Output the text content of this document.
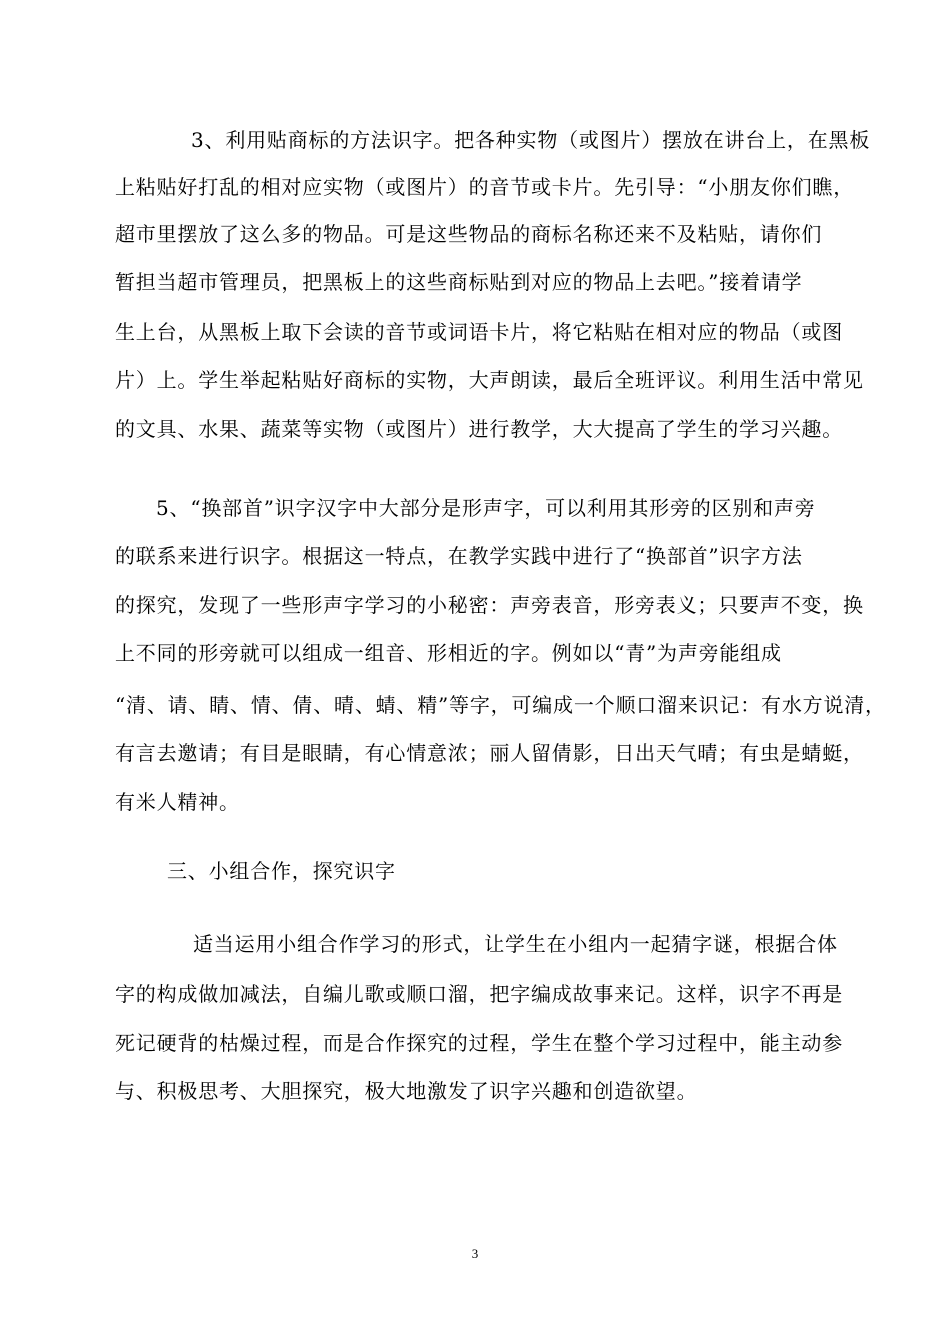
3、利用贴商标的方法识字。把各种实物（或图片）摆放在讲台上，在黑板
上粘贴好打乱的相对应实物（或图片）的音节或卡片。先引导：“小朋友你们瞧，
超市里摆放了这么多的物品。可是这些物品的商标名称还来不及粘贴，请你们
暂担当超市管理员，把黑板上的这些商标贴到对应的物品上去吧。”接着请学
生上台，从黑板上取下会读的音节或词语卡片，将它粘贴在相对应的物品（或图
片）上。学生举起粘贴好商标的实物，大声朗读，最后全班评议。利用生活中常见
的文具、水果、蔬菜等实物（或图片）进行教学，大大提高了学生的学习兴趣。
5、“换部首”识字汉字中大部分是形声字，可以利用其形旁的区别和声旁
的联系来进行识字。根据这一特点，在教学实践中进行了“换部首”识字方法
的探究，发现了一些形声字学习的小秘密：声旁表音，形旁表义；只要声不变，换
上不同的形旁就可以组成一组音、形相近的字。例如以“青”为声旁能组成
“清、请、睛、情、倩、晴、蜻、精”等字，可编成一个顺口溜来识记：有水方说清，
有言去邀请；有目是眼睛，有心情意浓；丽人留倩影，日出天气晴；有虫是蜻蜓，
有米人精神。
三、小组合作，探究识字
适当运用小组合作学习的形式，让学生在小组内一起猜字谜，根据合体
字的构成做加减法，自编儿歌或顺口溜，把字编成故事来记。这样，识字不再是
死记硬背的枯燥过程，而是合作探究的过程，学生在整个学习过程中，能主动参
与、积极思考、大胆探究，极大地激发了识字兴趣和创造欲望。
3
